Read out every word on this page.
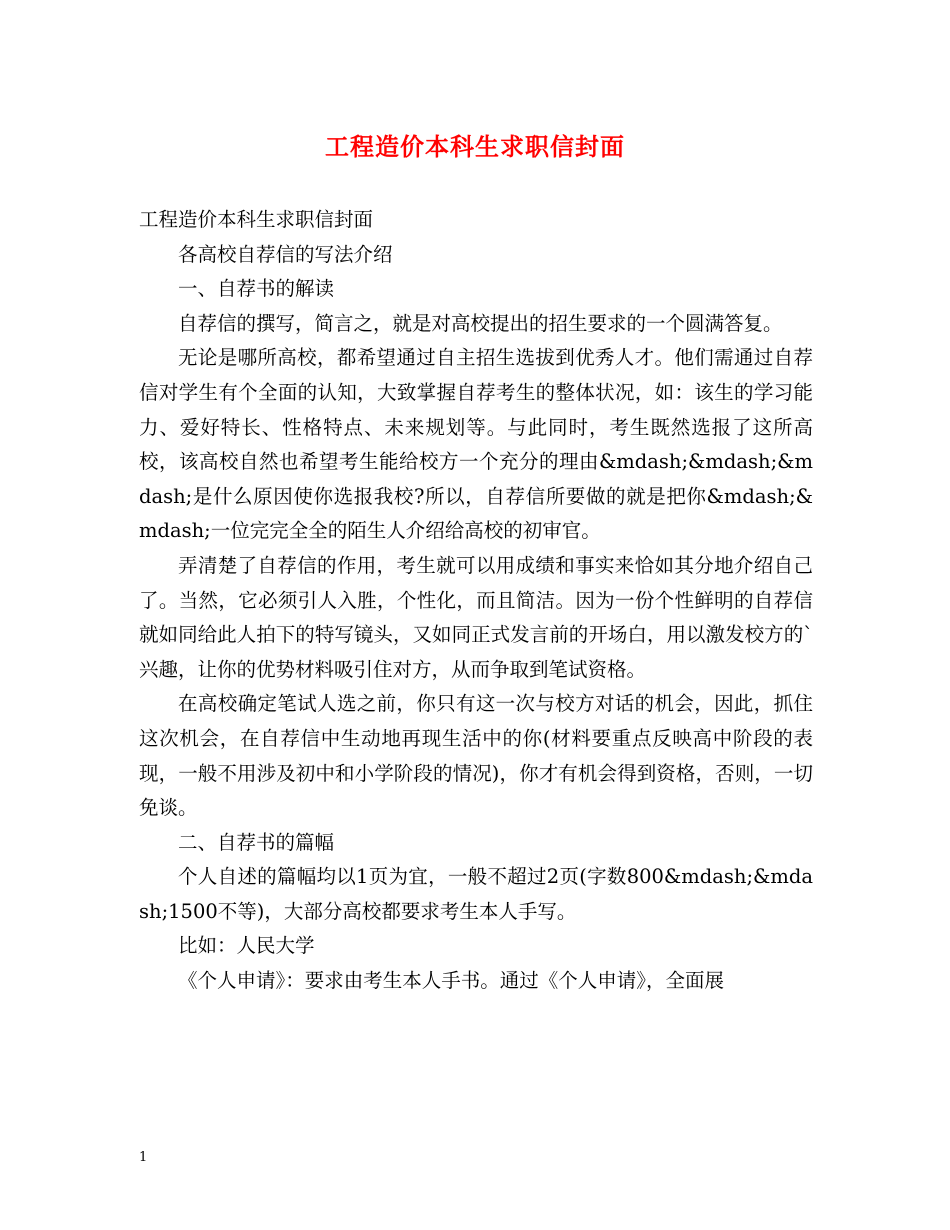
工程造价本科生求职信封面

工程造价本科生求职信封面

各高校自荐信的写法介绍

一、自荐书的解读

自荐信的撰写，简言之，就是对高校提出的招生要求的一个圆满答复。

无论是哪所高校，都希望通过自主招生选拔到优秀人才。他们需通过自荐信对学生有个全面的认知，大致掌握自荐考生的整体状况，如：该生的学习能力、爱好特长、性格特点、未来规划等。与此同时，考生既然选报了这所高校，该高校自然也希望考生能给校方一个充分的理由&mdash;&mdash;&mdash;是什么原因使你选报我校?所以，自荐信所要做的就是把你&mdash;&mdash;一位完完全全的陌生人介绍给高校的初审官。

弄清楚了自荐信的作用，考生就可以用成绩和事实来恰如其分地介绍自己了。当然，它必须引人入胜，个性化，而且简洁。因为一份个性鲜明的自荐信就如同给此人拍下的特写镜头，又如同正式发言前的开场白，用以激发校方的`兴趣，让你的优势材料吸引住对方，从而争取到笔试资格。

在高校确定笔试人选之前，你只有这一次与校方对话的机会，因此，抓住这次机会，在自荐信中生动地再现生活中的你(材料要重点反映高中阶段的表现，一般不用涉及初中和小学阶段的情况)，你才有机会得到资格，否则，一切免谈。

二、自荐书的篇幅

个人自述的篇幅均以1页为宜，一般不超过2页(字数800&mdash;&mdash;1500不等)，大部分高校都要求考生本人手写。

比如：人民大学

《个人申请》：要求由考生本人手书。通过《个人申请》，全面展

1
